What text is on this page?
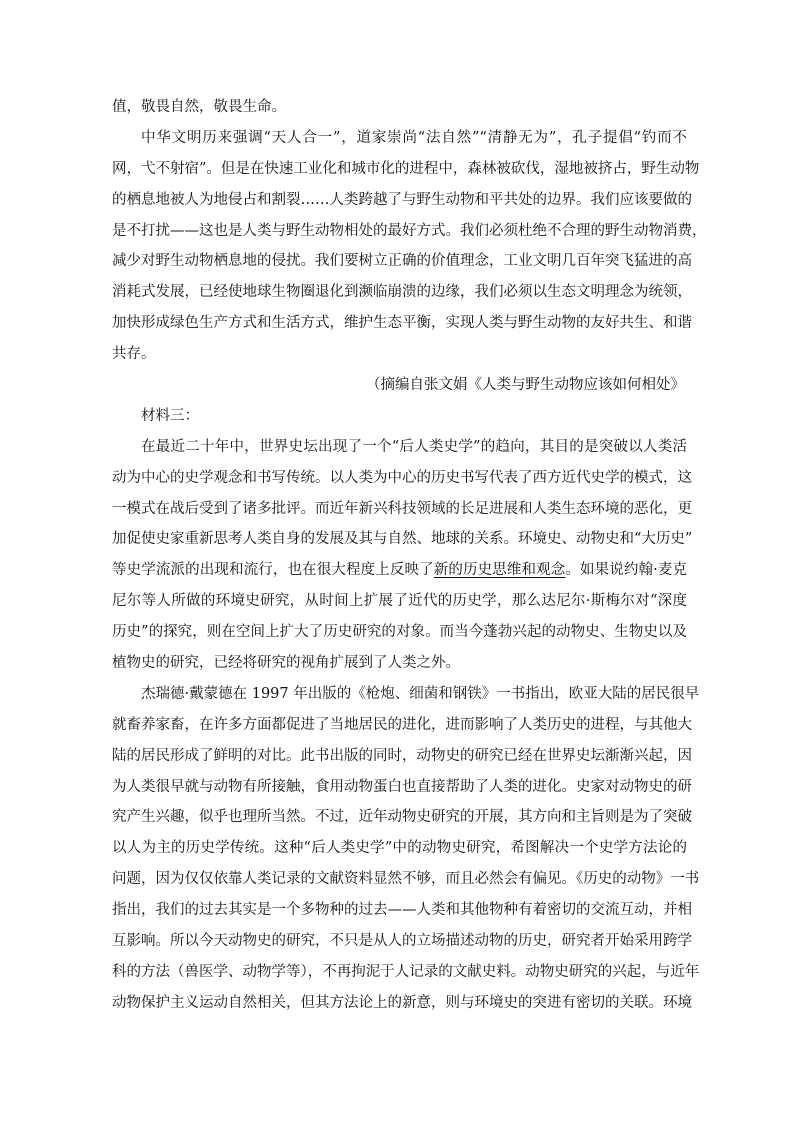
值，敬畏自然，敬畏生命。

中华文明历来强调“天人合一”，道家崇尚“法自然”“清静无为”，孔子提倡“钓而不

网，弋不射宿”。但是在快速工业化和城市化的进程中，森林被砍伐，湿地被挤占，野生动物

的栖息地被人为地侵占和割裂……人类跨越了与野生动物和平共处的边界。我们应该要做的

是不打扰——这也是人类与野生动物相处的最好方式。我们必须杜绝不合理的野生动物消费，

减少对野生动物栖息地的侵扰。我们要树立正确的价值理念，工业文明几百年突飞猛进的高

消耗式发展，已经使地球生物圈退化到濒临崩溃的边缘，我们必须以生态文明理念为统领，

加快形成绿色生产方式和生活方式，维护生态平衡，实现人类与野生动物的友好共生、和谐

共存。

（摘编自张文娟《人类与野生动物应该如何相处》

材料三：

在最近二十年中，世界史坛出现了一个“后人类史学”的趋向，其目的是突破以人类活

动为中心的史学观念和书写传统。以人类为中心的历史书写代表了西方近代史学的模式，这

一模式在战后受到了诸多批评。而近年新兴科技领域的长足进展和人类生态环境的恶化，更

加促使史家重新思考人类自身的发展及其与自然、地球的关系。环境史、动物史和“大历史”

等史学流派的出现和流行，也在很大程度上反映了新的历史思维和观念。如果说约翰·麦克

尼尔等人所做的环境史研究，从时间上扩展了近代的历史学，那么达尼尔·斯梅尔对“深度

历史”的探究，则在空间上扩大了历史研究的对象。而当今蓬勃兴起的动物史、生物史以及

植物史的研究，已经将研究的视角扩展到了人类之外。

杰瑞德·戴蒙德在 1997 年出版的《枪炮、细菌和钢铁》一书指出，欧亚大陆的居民很早

就畜养家畜，在许多方面都促进了当地居民的进化，进而影响了人类历史的进程，与其他大

陆的居民形成了鲜明的对比。此书出版的同时，动物史的研究已经在世界史坛渐渐兴起，因

为人类很早就与动物有所接触，食用动物蛋白也直接帮助了人类的进化。史家对动物史的研

究产生兴趣，似乎也理所当然。不过，近年动物史研究的开展，其方向和主旨则是为了突破

以人为主的历史学传统。这种“后人类史学”中的动物史研究，希图解决一个史学方法论的

问题，因为仅仅依靠人类记录的文献资料显然不够，而且必然会有偏见。《历史的动物》一书

指出，我们的过去其实是一个多物种的过去——人类和其他物种有着密切的交流互动，并相

互影响。所以今天动物史的研究，不只是从人的立场描述动物的历史，研究者开始采用跨学

科的方法（兽医学、动物学等），不再拘泥于人记录的文献史料。动物史研究的兴起，与近年

动物保护主义运动自然相关，但其方法论上的新意，则与环境史的突进有密切的关联。环境
